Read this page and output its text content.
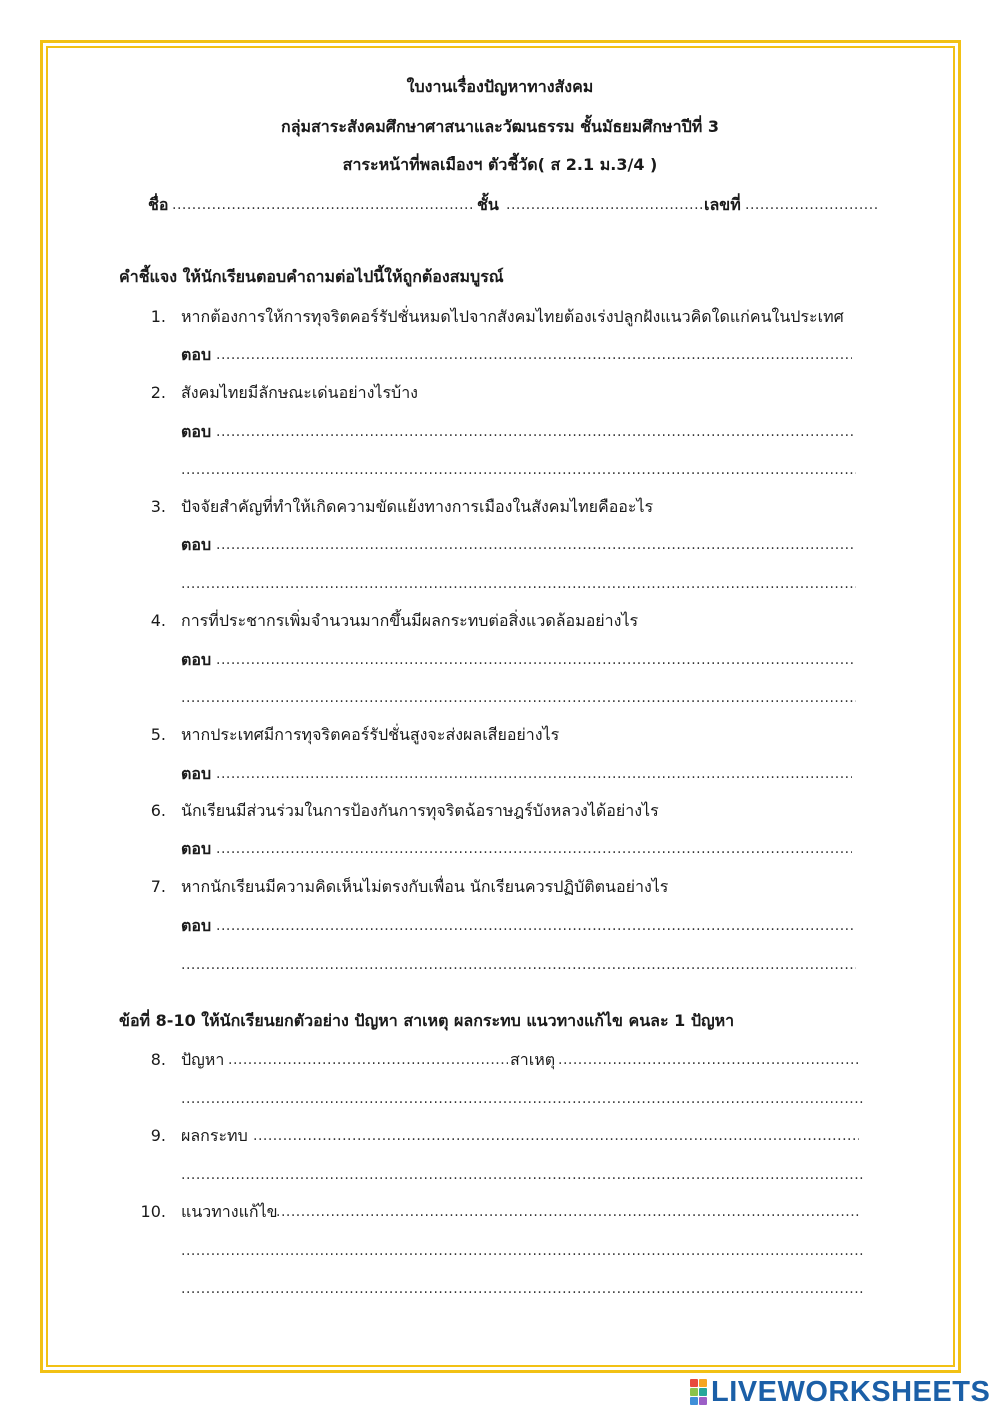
ใบงานเรื่องปัญหาทางสังคม
กลุ่มสาระสังคมศึกษาศาสนาและวัฒนธรรม ชั้นมัธยมศึกษาปีที่ 3
สาระหน้าที่พลเมืองฯ ตัวชี้วัด( ส 2.1 ม.3/4 )
ชื่อ .....	ชั้น .....	เลขที่
.....
คำชี้แจง ให้นักเรียนตอบคำถามต่อไปนี้ให้ถูกต้องสมบูรณ์
1. หากต้องการให้การทุจริตคอร์รัปชั่นหมดไปจากสังคมไทยต้องเร่งปลูกฝังแนวคิดใดแก่คนในประเทศ
ตอบ
.....
2. สังคมไทยมีลักษณะเด่นอย่างไรบ้าง
ตอบ
.....
.....
3. ปัจจัยสำคัญที่ทำให้เกิดความขัดแย้งทางการเมืองในสังคมไทยคืออะไร
ตอบ
.....
.....
4. การที่ประชากรเพิ่มจำนวนมากขึ้นมีผลกระทบต่อสิ่งแวดล้อมอย่างไร
ตอบ
.....
.....
5. หากประเทศมีการทุจริตคอร์รัปชั่นสูงจะส่งผลเสียอย่างไร
ตอบ
.....
6. นักเรียนมีส่วนร่วมในการป้องกันการทุจริตฉ้อราษฎร์บังหลวงได้อย่างไร
ตอบ
.....
7. หากนักเรียนมีความคิดเห็นไม่ตรงกับเพื่อน นักเรียนควรปฏิบัติตนอย่างไร
ตอบ
.....
.....
ข้อที่ 8-10 ให้นักเรียนยกตัวอย่าง ปัญหา สาเหตุ ผลกระทบ แนวทางแก้ไข คนละ 1 ปัญหา
8. ปัญหา .....	สาเหตุ
.....
.....
9. ผลกระทบ
.....
.....
10. แนวทางแก้ไข
.....
.....
.....
LIVEWORKSHEETS
